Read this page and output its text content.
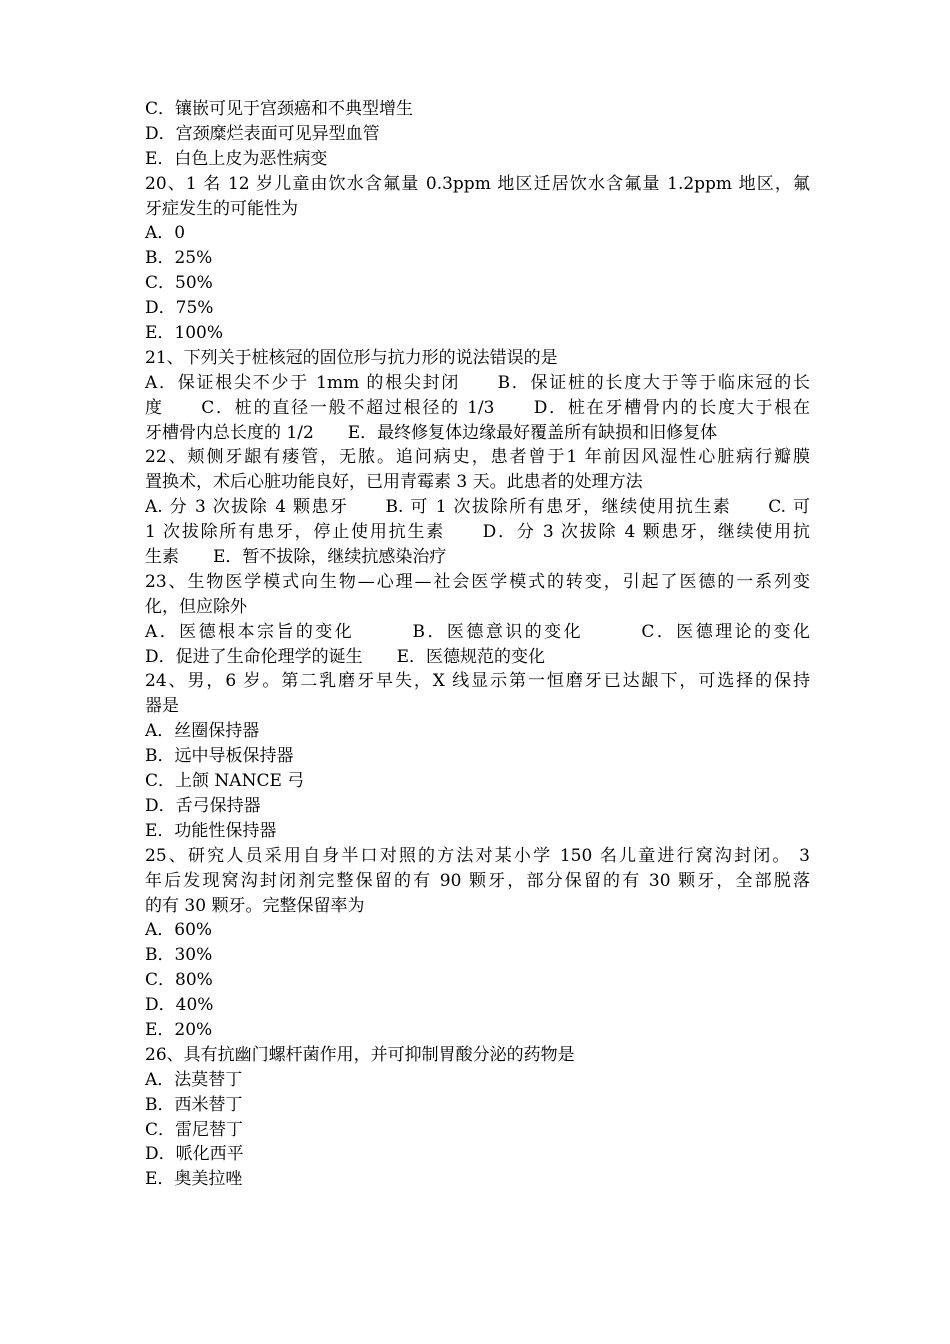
C．镶嵌可见于宫颈癌和不典型增生
D．宫颈糜烂表面可见异型血管
E．白色上皮为恶性病变
20、1 名 12 岁儿童由饮水含氟量 0.3ppm 地区迁居饮水含氟量 1.2ppm 地区，氟
牙症发生的可能性为
A．0
B．25%
C．50%
D．75%
E．100%
21、下列关于桩核冠的固位形与抗力形的说法错误的是
A．保证根尖不少于 1mm 的根尖封闭　　B．保证桩的长度大于等于临床冠的长
度　　C．桩的直径一般不超过根径的 1/3　　D．桩在牙槽骨内的长度大于根在
牙槽骨内总长度的 1/2　　E．最终修复体边缘最好覆盖所有缺损和旧修复体
22、颊侧牙龈有瘘管，无脓。追问病史，患者曾于1 年前因风湿性心脏病行瓣膜
置换术，术后心脏功能良好，已用青霉素 3 天。此患者的处理方法
A. 分 3 次拔除 4 颗患牙　　B. 可 1 次拔除所有患牙，继续使用抗生素　　C. 可
1 次拔除所有患牙，停止使用抗生素　　D．分 3 次拔除 4 颗患牙，继续使用抗
生素　　E．暂不拔除，继续抗感染治疗
23、生物医学模式向生物—心理—社会医学模式的转变，引起了医德的一系列变
化，但应除外
A．医德根本宗旨的变化　　　B．医德意识的变化　　　C．医德理论的变化
D．促进了生命伦理学的诞生　　E．医德规范的变化
24、男，6 岁。第二乳磨牙早失，X 线显示第一恒磨牙已达龈下，可选择的保持
器是
A．丝圈保持器
B．远中导板保持器
C．上颌 NANCE 弓
D．舌弓保持器
E．功能性保持器
25、研究人员采用自身半口对照的方法对某小学 150 名儿童进行窝沟封闭。 3
年后发现窝沟封闭剂完整保留的有 90 颗牙，部分保留的有 30 颗牙，全部脱落
的有 30 颗牙。完整保留率为
A．60%
B．30%
C．80%
D．40%
E．20%
26、具有抗幽门螺杆菌作用，并可抑制胃酸分泌的药物是
A．法莫替丁
B．西米替丁
C．雷尼替丁
D．哌化西平
E．奥美拉唑
